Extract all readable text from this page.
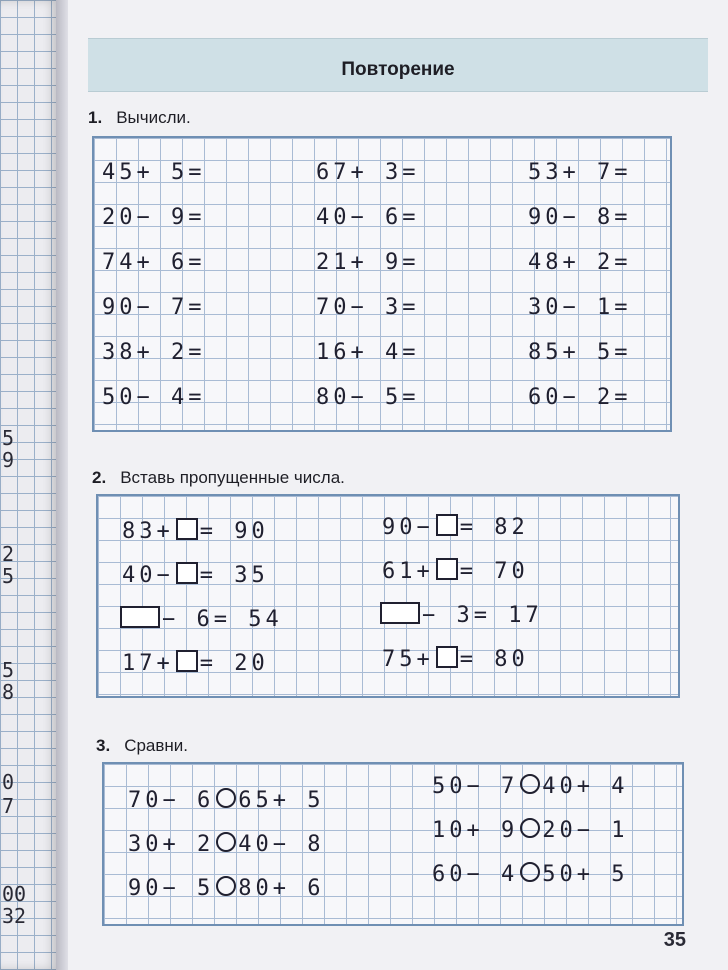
5
9
2
5
5
8
0
7
00
32
Повторение
1. Вычисли.
45+ 5=
20− 9=
74+ 6=
90− 7=
38+ 2=
50− 4=
67+ 3=
40− 6=
21+ 9=
70− 3=
16+ 4=
80− 5=
53+ 7=
90− 8=
48+ 2=
30− 1=
85+ 5=
60− 2=
2. Вставь пропущенные числа.
83+ = 90
40− = 35
− 6= 54
17+ = 20
90− = 82
61+ = 70
− 3= 17
75+ = 80
3. Сравни.
70− 6 65+ 5
30+ 2 40− 8
90− 5 80+ 6
50− 7 40+ 4
10+ 9 20− 1
60− 4 50+ 5
35
